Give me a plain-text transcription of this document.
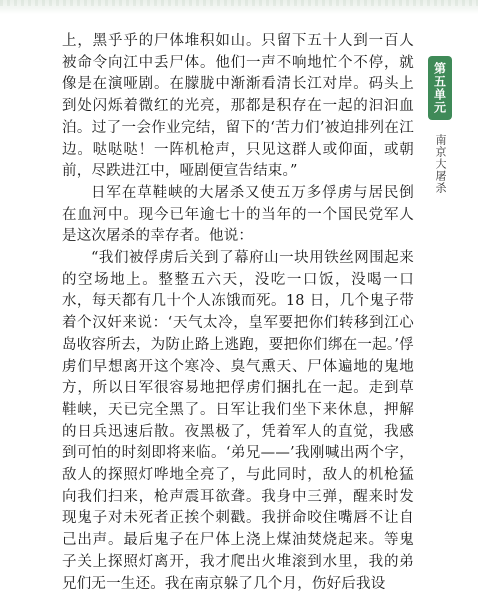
上，黑乎乎的尸体堆积如山。只留下五十人到一百人被命令向江中丢尸体。他们一声不响地忙个不停，就像是在演哑剧。在朦胧中渐渐看清长江对岸。码头上到处闪烁着微红的光亮，那都是积存在一起的汩汩血泊。过了一会作业完结，留下的‘苦力们’被迫排列在江边。哒哒哒！一阵机枪声，只见这群人或仰面，或朝前，尽跌进江中，哑剧便宣告结束。”

日军在草鞋峡的大屠杀又使五万多俘虏与居民倒在血河中。现今已年逾七十的当年的一个国民党军人是这次屠杀的幸存者。他说：

“我们被俘虏后关到了幕府山一块用铁丝网围起来的空场地上。整整五六天，没吃一口饭，没喝一口水，每天都有几十个人冻饿而死。18 日，几个鬼子带着个汉奸来说：‘天气太冷，皇军要把你们转移到江心岛收容所去，为防止路上逃跑，要把你们绑在一起。’俘虏们早想离开这个寒冷、臭气熏天、尸体遍地的鬼地方，所以日军很容易地把俘虏们捆扎在一起。走到草鞋峡，天已完全黑了。日军让我们坐下来休息，押解的日兵迅速后散。夜黑极了，凭着军人的直觉，我感到可怕的时刻即将来临。‘弟兄——’我刚喊出两个字，敌人的探照灯哗地全亮了，与此同时，敌人的机枪猛向我们扫来，枪声震耳欲聋。我身中三弹，醒来时发现鬼子对未死者正挨个刺戳。我拼命咬住嘴唇不让自己出声。最后鬼子在尸体上浇上煤油焚烧起来。等鬼子关上探照灯离开，我才爬出火堆滚到水里，我的弟兄们无一生还。我在南京躲了几个月，伤好后我设

第五单元
南京大屠杀
